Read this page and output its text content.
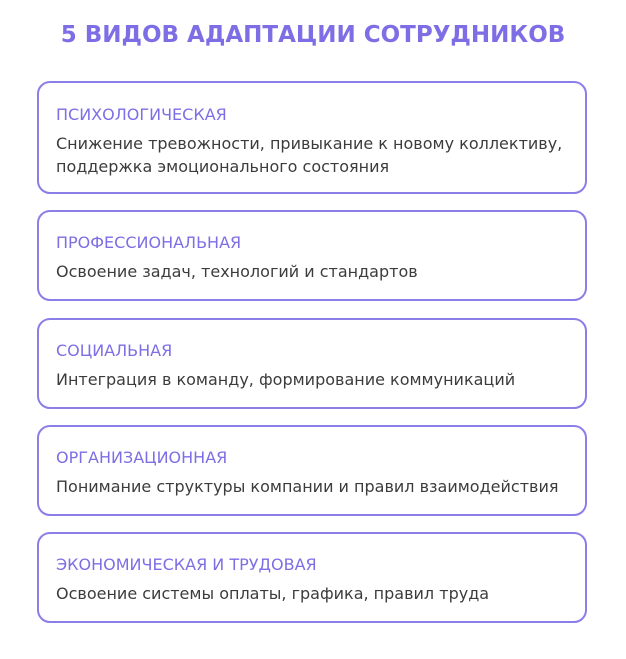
5 ВИДОВ АДАПТАЦИИ СОТРУДНИКОВ
ПСИХОЛОГИЧЕСКАЯ
Снижение тревожности, привыкание к новому коллективу,
поддержка эмоционального состояния
ПРОФЕССИОНАЛЬНАЯ
Освоение задач, технологий и стандартов
СОЦИАЛЬНАЯ
Интеграция в команду, формирование коммуникаций
ОРГАНИЗАЦИОННАЯ
Понимание структуры компании и правил взаимодействия
ЭКОНОМИЧЕСКАЯ И ТРУДОВАЯ
Освоение системы оплаты, графика, правил труда
